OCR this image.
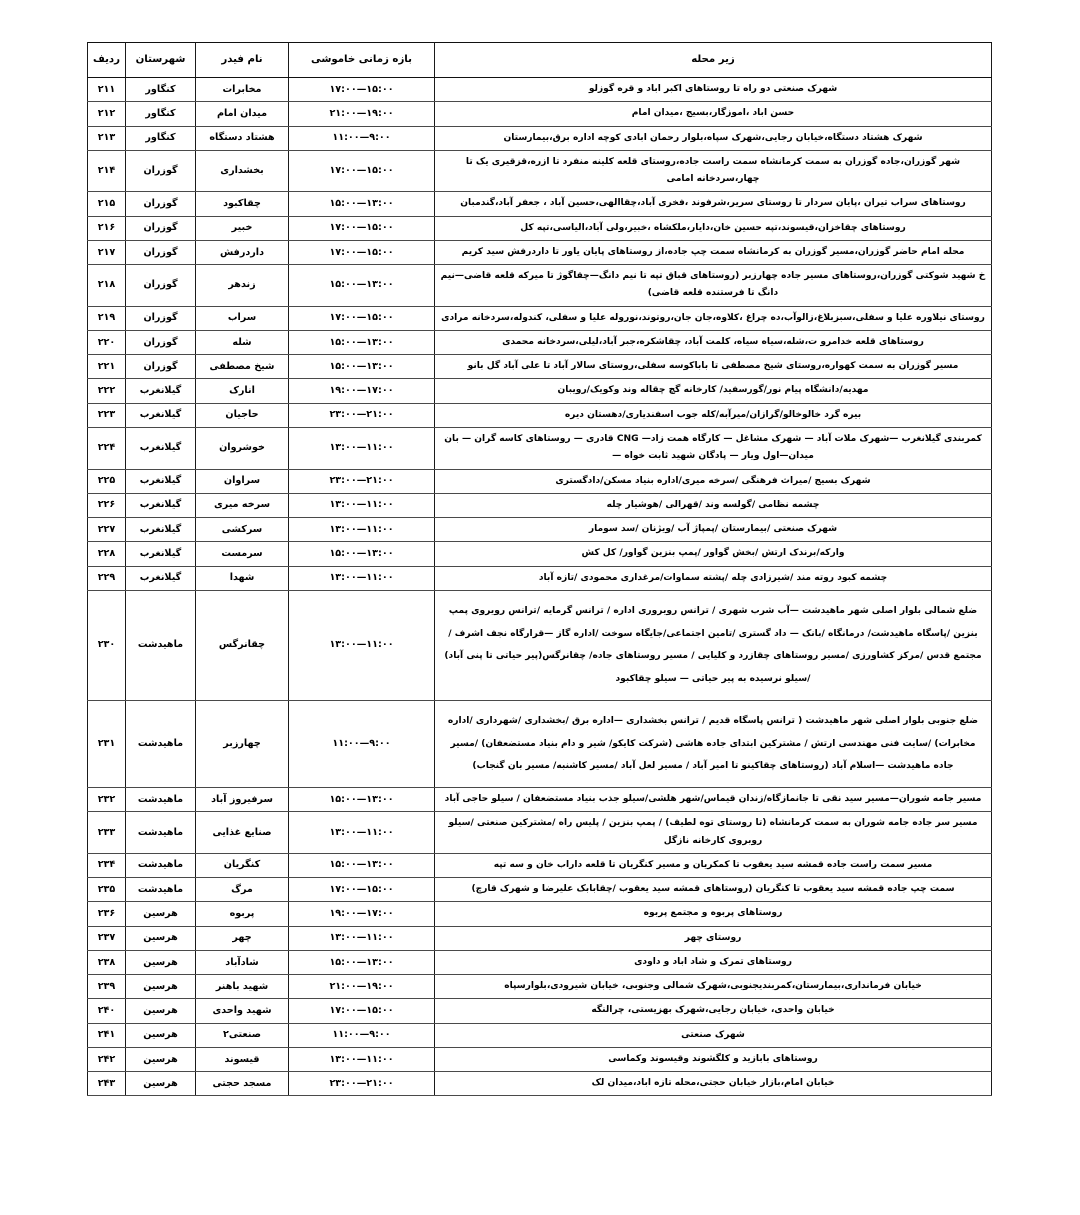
زیر محله	بازه زمانی خاموشی	نام فیدر	شهرستان	ردیف
شهرک صنعتی دو راه تا روستاهای اکبر اباد و قره گوزلو	۱۵:۰۰—۱۷:۰۰	مخابرات	کنگاور	۲۱۱
حسن اباد ،اموزگار،بسیج ،میدان امام	۱۹:۰۰—۲۱:۰۰	میدان امام	کنگاور	۲۱۲
شهرک هشتاد دستگاه،خیابان رجایی،شهرک سپاه،بلوار رحمان ابادی کوچه اداره برق،بیمارستان	۹:۰۰—۱۱:۰۰	هشتاد دستگاه	کنگاور	۲۱۳
شهر گوزران،جاده گوزران به سمت کرمانشاه سمت راست جاده،روستای قلعه کلینه منفرد تا ازره،قزقیری یک تا چهار،سردخانه امامی	۱۵:۰۰—۱۷:۰۰	بخشداری	گوزران	۲۱۴
روستاهای سراب تیران ،پایان سردار تا روستای سریر،شرفوند ،فخری آباد،چقاالهی،حسین آباد ، جعفر آباد،گندمبان	۱۳:۰۰—۱۵:۰۰	چقاکبود	گوزران	۲۱۵
روستاهای چقاخزان،قیسوند،تپه حسین خان،دایار،ملکشاه ،خبیر،ولی آباد،الیاسی،تپه کل	۱۵:۰۰—۱۷:۰۰	خبیر	گوزران	۲۱۶
محله امام حاضر گوزران،مسیر گوزران به کرمانشاه سمت چپ جاده،از روستاهای پایان یاور تا داردرفش سید کریم	۱۵:۰۰—۱۷:۰۰	داردرفش	گوزران	۲۱۷
خ شهید شوکتی گوزران،روستاهای مسیر جاده چهارزبر (روستاهای قباق تپه تا نیم دانگ—چقاگوژ تا میرکه قلعه قاضی—نیم دانگ تا فرستنده قلعه قاضی)	۱۳:۰۰—۱۵:۰۰	زندهر	گوزران	۲۱۸
روستای نیلاوره علیا و سفلی،سبزبلاغ،زالوآب،ده چراغ ،کلاوه،جان جان،روتوند،نوروله علیا و سفلی، کندوله،سردخانه مرادی	۱۵:۰۰—۱۷:۰۰	سراب	گوزران	۲۱۹
روستاهای قلعه خدامرو ت،شله،سیاه سیاه، کلمت آباد، چقاشکره،جبر آباد،لیلی،سردخانه محمدی	۱۳:۰۰—۱۵:۰۰	شله	گوزران	۲۲۰
مسیر گوزران به سمت کهواره،روستای شیخ مصطفی تا باباکوسه سفلی،روستای سالار آباد تا علی آباد گل بانو	۱۳:۰۰—۱۵:۰۰	شیخ مصطفی	گوزران	۲۲۱
مهدیه/دانشگاه پیام نور/گورسفید/ کارخانه گچ چقاله وند وکویک/رویبان	۱۷:۰۰—۱۹:۰۰	انارک	گیلانغرب	۲۲۲
بیره گرد خالوخالو/گرازان/میرآبه/کله جوب اسفندیاری/دهستان دیره	۲۱:۰۰—۲۳:۰۰	حاجیان	گیلانغرب	۲۲۳
کمربندی گیلانغرب —شهرک ملات آباد — شهرک مشاغل — کارگاه همت زاد— CNG قادری — روستاهای کاسه گران — بان میدان—اول ویار — پادگان شهید ثابت خواه —	۱۱:۰۰—۱۳:۰۰	خوشروان	گیلانغرب	۲۲۴
شهرک بسیج /میراث فرهنگی /سرخه میری/اداره بنیاد مسکن/دادگستری	۲۱:۰۰—۲۳:۰۰	سراوان	گیلانغرب	۲۲۵
چشمه نظامی /گولسه وند /قهرالی /هوشیار چله	۱۱:۰۰—۱۳:۰۰	سرخه میری	گیلانغرب	۲۲۶
شهرک صنعتی /بیمارستان /پمپاژ آب /ویژنان /سد سومار	۱۱:۰۰—۱۳:۰۰	سرکشی	گیلانغرب	۲۲۷
وارکه/برندک ارتش /بخش گواور /پمپ بنزین گواور/ کل کش	۱۳:۰۰—۱۵:۰۰	سرمست	گیلانغرب	۲۲۸
چشمه کبود روته مند /شیرزادی چله /پشته سماوات/مرغداری محمودی /تازه آباد	۱۱:۰۰—۱۳:۰۰	شهدا	گیلانغرب	۲۲۹
ضلع شمالی بلوار اصلی شهر ماهیدشت —آب شرب شهری / ترانس رویروری اداره / ترانس گرمایه /ترانس رویروی پمپ بنزین /پاسگاه ماهیدشت/ درمانگاه /بانک — داد گستری /تامین اجتماعی/جایگاه سوخت /اداره گاز —قرارگاه نجف اشرف /مجتمع قدس /مرکز کشاورزی /مسیر روستاهای چقازرد و کلیایی / مسیر روستاهای جاده/ چقانرگس(پیر حیاتی تا پنی آباد) /سیلو نرسیده به پیر حیاتی — سیلو چقاکبود	۱۱:۰۰—۱۳:۰۰	چقانرگس	ماهیدشت	۲۳۰
ضلع جنوبی بلوار اصلی شهر ماهیدشت ( ترانس پاسگاه قدیم / ترانس بخشداری —اداره برق /بخشداری /شهرداری /اداره مخابرات) /سایت فنی مهندسی ارتش / مشترکین ابتدای جاده هاشی (شرکت کایکو/ شیر و دام بنیاد مستضعفان) /مسیر جاده ماهیدشت —اسلام آباد (روستاهای چقاکینو تا امیر آباد / مسیر لعل آباد /مسیر کاشنبه/ مسیر بان گنجاب)	۹:۰۰—۱۱:۰۰	چهارزبر	ماهیدشت	۲۳۱
مسیر جامه شوران—مسیر سید نقی تا جانمازگاه/زندان قیماس/شهر هلشی/سیلو جذب بنیاد مستضعفان / سیلو حاجی آباد	۱۳:۰۰—۱۵:۰۰	سرفیروز آباد	ماهیدشت	۲۳۲
مسیر سر جاده جامه شوران به سمت کرمانشاه (تا روستای توه لطیف) / پمپ بنزین / پلیس راه /مشترکین صنعتی /سیلو روبروی کارخانه نازگل	۱۱:۰۰—۱۳:۰۰	صنایع غذایی	ماهیدشت	۲۳۳
مسیر سمت راست جاده قمشه سید یعقوب تا کمکریان و مسیر کنگریان تا قلعه داراب خان و سه تپه	۱۳:۰۰—۱۵:۰۰	کنگریان	ماهیدشت	۲۳۴
سمت چپ جاده قمشه سید یعقوب تا کنگریان (روستاهای قمشه سید یعقوب /چقابابک علیرضا و شهرک قارچ)	۱۵:۰۰—۱۷:۰۰	مرگ	ماهیدشت	۲۳۵
روستاهای پربوه و مجتمع پربوه	۱۷:۰۰—۱۹:۰۰	پربوه	هرسین	۲۳۶
روستای چهر	۱۱:۰۰—۱۳:۰۰	چهر	هرسین	۲۳۷
روستاهای تمرک و شاد اباد و داودی	۱۳:۰۰—۱۵:۰۰	شادآباد	هرسین	۲۳۸
خیابان فرمانداری،بیمارستان،کمربندیجنوبی،شهرک شمالی وجنوبی، خیابان شیرودی،بلوارسپاه	۱۹:۰۰—۲۱:۰۰	شهید باهنر	هرسین	۲۳۹
خیابان واحدی، خیابان رجایی،شهرک بهزیستی، چرالنگه	۱۵:۰۰—۱۷:۰۰	شهید واحدی	هرسین	۲۴۰
شهرک صنعتی	۹:۰۰—۱۱:۰۰	صنعتی۲	هرسین	۲۴۱
روستاهای بابازید و کلگشوند وقیسوند وکماسی	۱۱:۰۰—۱۳:۰۰	قیسوند	هرسین	۲۴۲
خیابان امام،بازار خیابان حجتی،محله تازه اباد،میدان لک	۲۱:۰۰—۲۳:۰۰	مسجد حجتی	هرسین	۲۴۳
